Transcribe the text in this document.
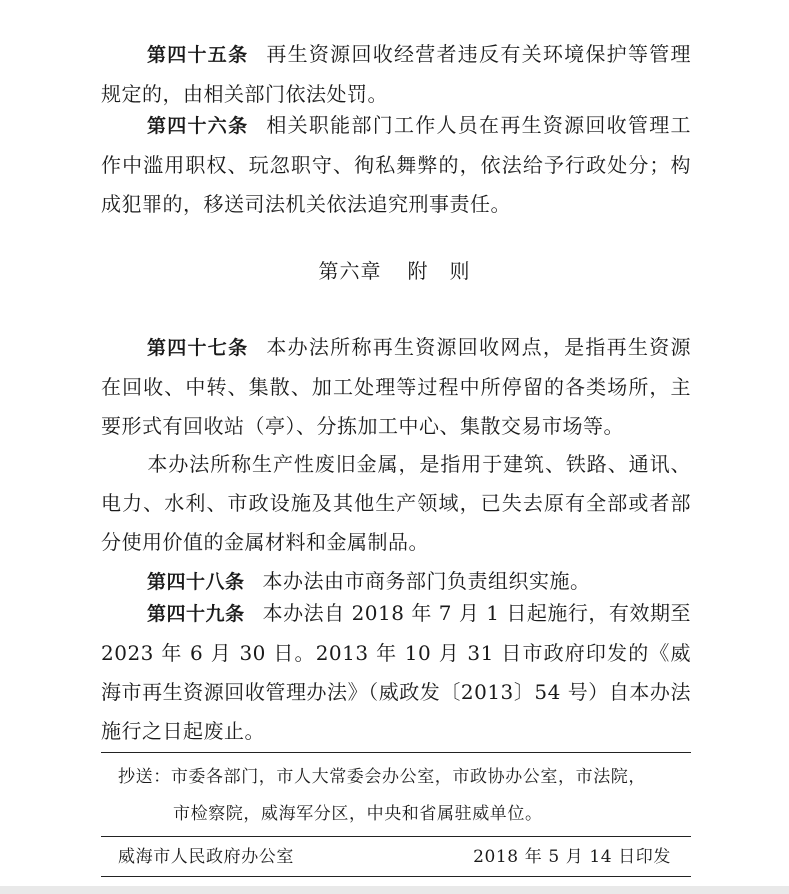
第四十五条 再生资源回收经营者违反有关环境保护等管理规定的，由相关部门依法处罚。

第四十六条 相关职能部门工作人员在再生资源回收管理工作中滥用职权、玩忽职守、徇私舞弊的，依法给予行政处分；构成犯罪的，移送司法机关依法追究刑事责任。

第六章 附　则

第四十七条 本办法所称再生资源回收网点，是指再生资源在回收、中转、集散、加工处理等过程中所停留的各类场所，主要形式有回收站（亭）、分拣加工中心、集散交易市场等。

本办法所称生产性废旧金属，是指用于建筑、铁路、通讯、电力、水利、市政设施及其他生产领域，已失去原有全部或者部分使用价值的金属材料和金属制品。

第四十八条 本办法由市商务部门负责组织实施。

第四十九条 本办法自 2018 年 7 月 1 日起施行，有效期至 2023 年 6 月 30 日。2013 年 10 月 31 日市政府印发的《威海市再生资源回收管理办法》（威政发〔2013〕54 号）自本办法施行之日起废止。

抄送：市委各部门，市人大常委会办公室，市政协办公室，市法院，
市检察院，威海军分区，中央和省属驻威单位。
威海市人民政府办公室	2018 年 5 月 14 日印发
